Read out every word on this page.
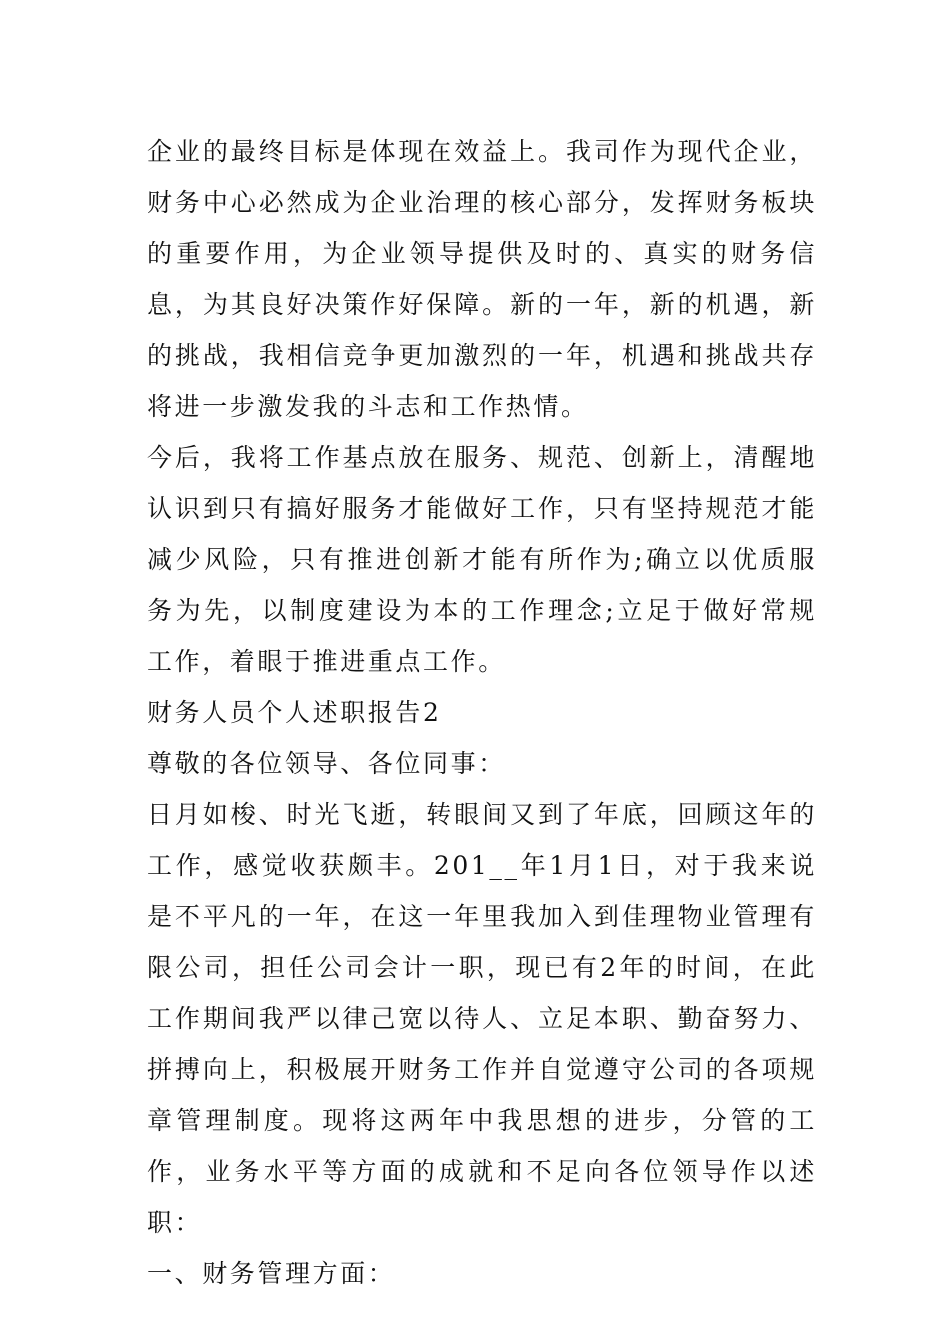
企业的最终目标是体现在效益上。我司作为现代企业，财务中心必然成为企业治理的核心部分，发挥财务板块的重要作用，为企业领导提供及时的、真实的财务信息，为其良好决策作好保障。新的一年，新的机遇，新的挑战，我相信竞争更加激烈的一年，机遇和挑战共存将进一步激发我的斗志和工作热情。

今后，我将工作基点放在服务、规范、创新上，清醒地认识到只有搞好服务才能做好工作，只有坚持规范才能减少风险，只有推进创新才能有所作为;确立以优质服务为先，以制度建设为本的工作理念;立足于做好常规工作，着眼于推进重点工作。

财务人员个人述职报告2

尊敬的各位领导、各位同事：

日月如梭、时光飞逝，转眼间又到了年底，回顾这年的工作，感觉收获颇丰。201__年1月1日，对于我来说是不平凡的一年，在这一年里我加入到佳理物业管理有限公司，担任公司会计一职，现已有2年的时间，在此工作期间我严以律己宽以待人、立足本职、勤奋努力、拼搏向上，积极展开财务工作并自觉遵守公司的各项规章管理制度。现将这两年中我思想的进步，分管的工作，业务水平等方面的成就和不足向各位领导作以述职：

一、财务管理方面：
